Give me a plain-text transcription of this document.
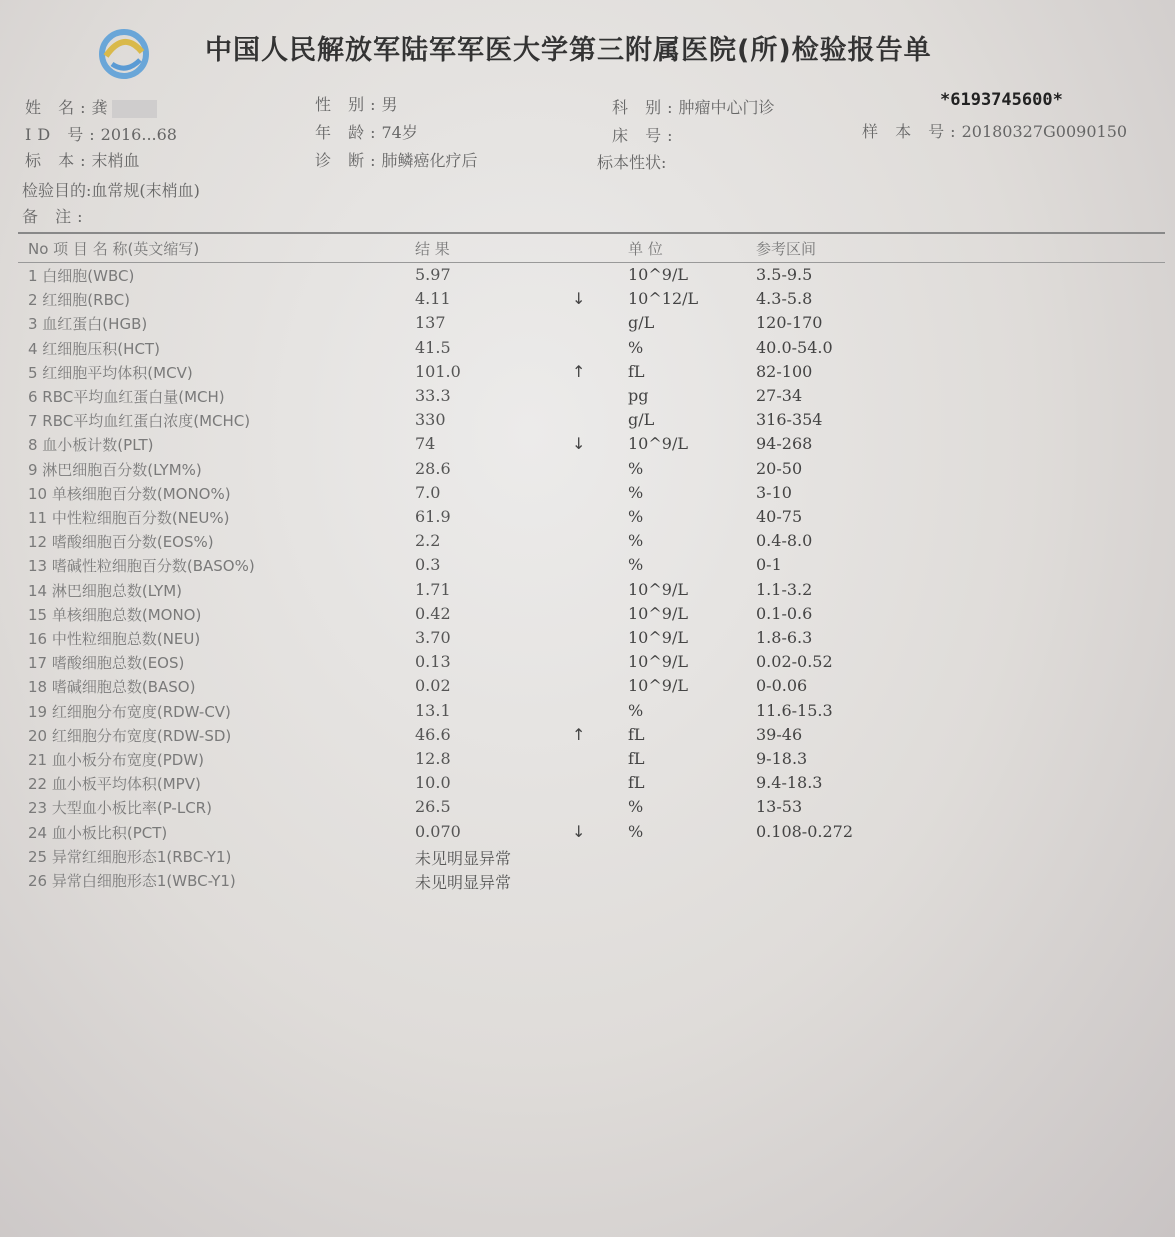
中国人民解放军陆军军医大学第三附属医院(所)检验报告单
*6193745600*
姓 名:龚	性 别:男	科 别:肿瘤中心门诊
ID 号:2016...68	年 龄:74岁	床 号:	样 本 号:20180327G0090150
标 本:末梢血	诊 断:肺鳞癌化疗后	标本性状:
检验目的:血常规(末梢血)
备 注:
No 项 目 名 称(英文缩写)	结 果	单 位	参考区间
1 白细胞(WBC)	5.97	10^9/L	3.5-9.5
2 红细胞(RBC)	4.11	↓	10^12/L	4.3-5.8
3 血红蛋白(HGB)	137	g/L	120-170
4 红细胞压积(HCT)	41.5	%	40.0-54.0
5 红细胞平均体积(MCV)	101.0	↑	fL	82-100
6 RBC平均血红蛋白量(MCH)	33.3	pg	27-34
7 RBC平均血红蛋白浓度(MCHC)	330	g/L	316-354
8 血小板计数(PLT)	74	↓	10^9/L	94-268
9 淋巴细胞百分数(LYM%)	28.6	%	20-50
10 单核细胞百分数(MONO%)	7.0	%	3-10
11 中性粒细胞百分数(NEU%)	61.9	%	40-75
12 嗜酸细胞百分数(EOS%)	2.2	%	0.4-8.0
13 嗜碱性粒细胞百分数(BASO%)	0.3	%	0-1
14 淋巴细胞总数(LYM)	1.71	10^9/L	1.1-3.2
15 单核细胞总数(MONO)	0.42	10^9/L	0.1-0.6
16 中性粒细胞总数(NEU)	3.70	10^9/L	1.8-6.3
17 嗜酸细胞总数(EOS)	0.13	10^9/L	0.02-0.52
18 嗜碱细胞总数(BASO)	0.02	10^9/L	0-0.06
19 红细胞分布宽度(RDW-CV)	13.1	%	11.6-15.3
20 红细胞分布宽度(RDW-SD)	46.6	↑	fL	39-46
21 血小板分布宽度(PDW)	12.8	fL	9-18.3
22 血小板平均体积(MPV)	10.0	fL	9.4-18.3
23 大型血小板比率(P-LCR)	26.5	%	13-53
24 血小板比积(PCT)	0.070	↓	%	0.108-0.272
25 异常红细胞形态1(RBC-Y1)	未见明显异常
26 异常白细胞形态1(WBC-Y1)	未见明显异常
